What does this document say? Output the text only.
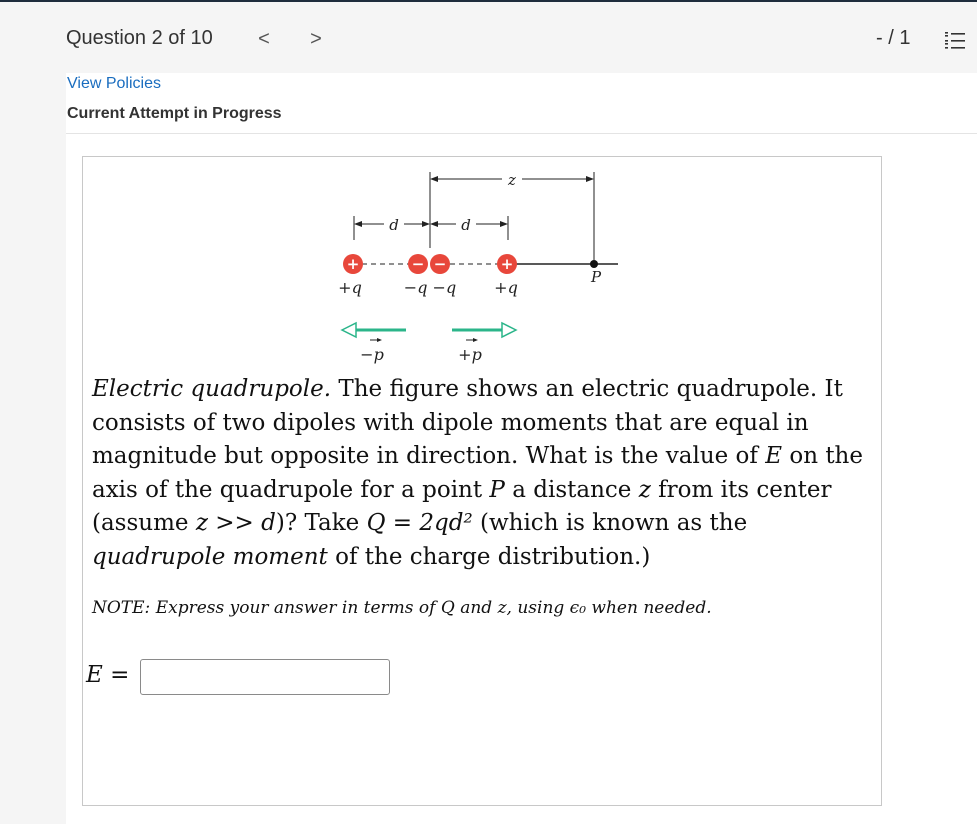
Question 2 of 10 < >	- / 1
View Policies
Current Attempt in Progress
z
d	d
+	− −	+
P
+q	−q −q +q
−p	+p
Electric quadrupole. The figure shows an electric quadrupole. It consists of two dipoles with dipole moments that are equal in magnitude but opposite in direction. What is the value of E on the axis of the quadrupole for a point P a distance z from its center (assume z >> d)? Take Q = 2qd² (which is known as the quadrupole moment of the charge distribution.)
NOTE: Express your answer in terms of Q and z, using ϵ₀ when needed.
E =
